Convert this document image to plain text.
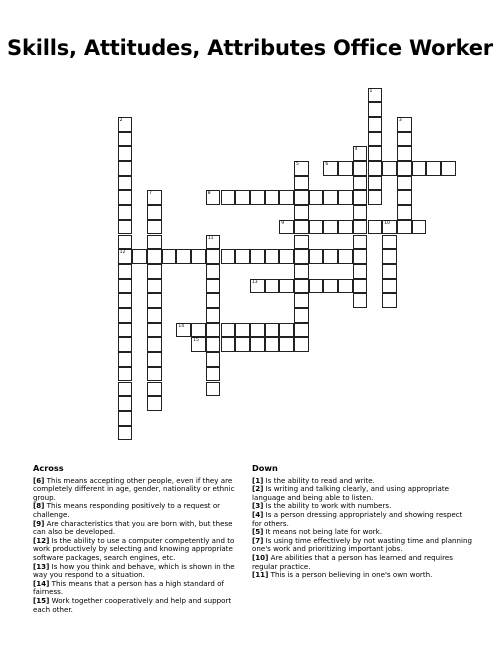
Skills, Attitudes, Attributes Office Worker
1
2
12
3
4
5	6
7	8
9	10
11
13
14
15
Across

[6] This means accepting other people, even if they are completely different in age, gender, nationality or ethnic group.

[8] This means responding positively to a request or challenge.

[9] Are characteristics that you are born with, but these can also be developed.

[12] Is the ability to use a computer competently and to work productively by selecting and knowing appropriate software packages, search engines, etc.

[13] Is how you think and behave, which is shown in the way you respond to a situation.

[14] This means that a person has a high standard of fairness.

[15] Work together cooperatively and help and support each other.

Down

[1] Is the ability to read and write.

[2] Is writing and talking clearly, and using appropriate language and being able to listen.

[3] Is the ability to work with numbers.

[4] Is a person dressing appropriately and showing respect for others.

[5] It means not being late for work.

[7] Is using time effectively by not wasting time and planning one's work and prioritizing important jobs.

[10] Are abilities that a person has learned and requires regular practice.

[11] This is a person believing in one's own worth.
